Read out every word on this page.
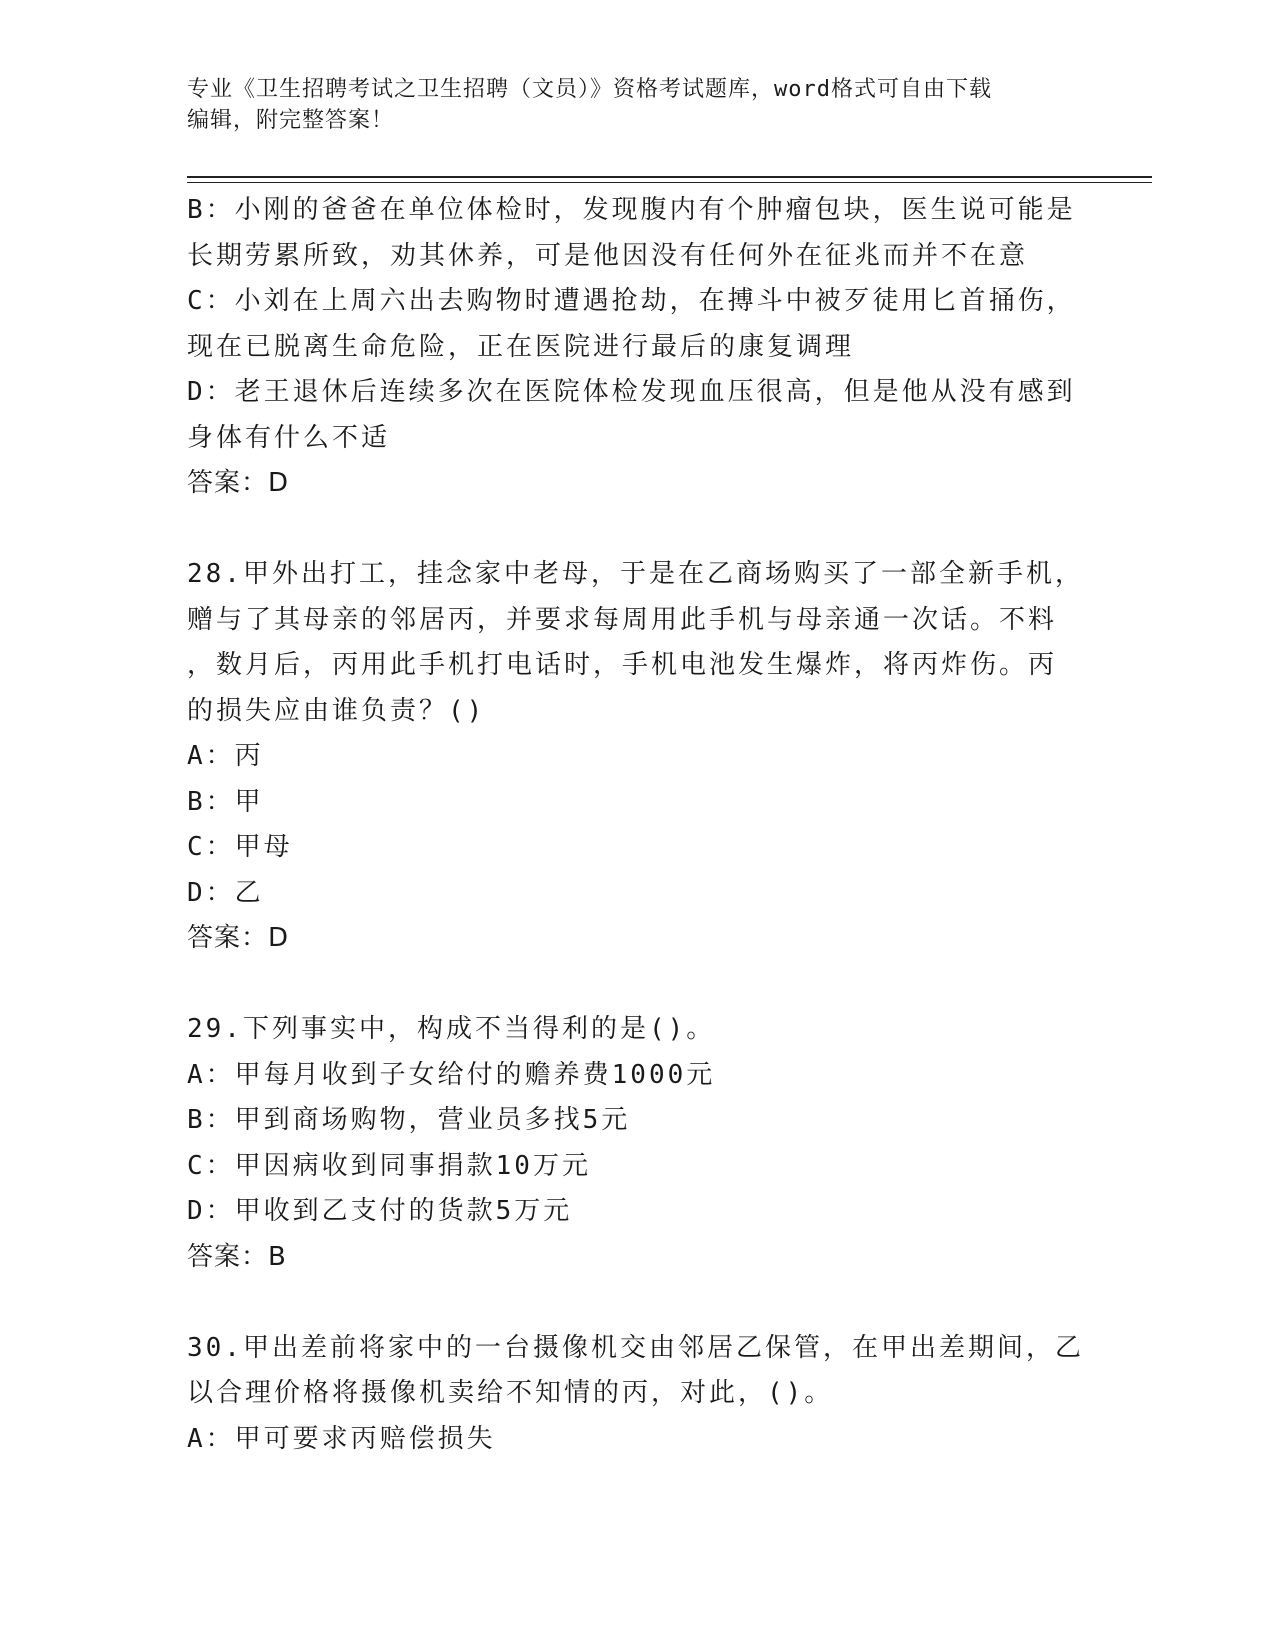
专业《卫生招聘考试之卫生招聘（文员）》资格考试题库，word格式可自由下载
编辑，附完整答案！
B：小刚的爸爸在单位体检时，发现腹内有个肿瘤包块，医生说可能是
长期劳累所致，劝其休养，可是他因没有任何外在征兆而并不在意
C：小刘在上周六出去购物时遭遇抢劫，在搏斗中被歹徒用匕首捅伤，
现在已脱离生命危险，正在医院进行最后的康复调理
D：老王退休后连续多次在医院体检发现血压很高，但是他从没有感到
身体有什么不适
答案：D
28.甲外出打工，挂念家中老母，于是在乙商场购买了一部全新手机，
赠与了其母亲的邻居丙，并要求每周用此手机与母亲通一次话。不料
，数月后，丙用此手机打电话时，手机电池发生爆炸，将丙炸伤。丙
的损失应由谁负责？()
A：丙
B：甲
C：甲母
D：乙
答案：D
29.下列事实中，构成不当得利的是()。
A：甲每月收到子女给付的赡养费1000元
B：甲到商场购物，营业员多找5元
C：甲因病收到同事捐款10万元
D：甲收到乙支付的货款5万元
答案：B
30.甲出差前将家中的一台摄像机交由邻居乙保管，在甲出差期间，乙
以合理价格将摄像机卖给不知情的丙，对此，()。
A：甲可要求丙赔偿损失
